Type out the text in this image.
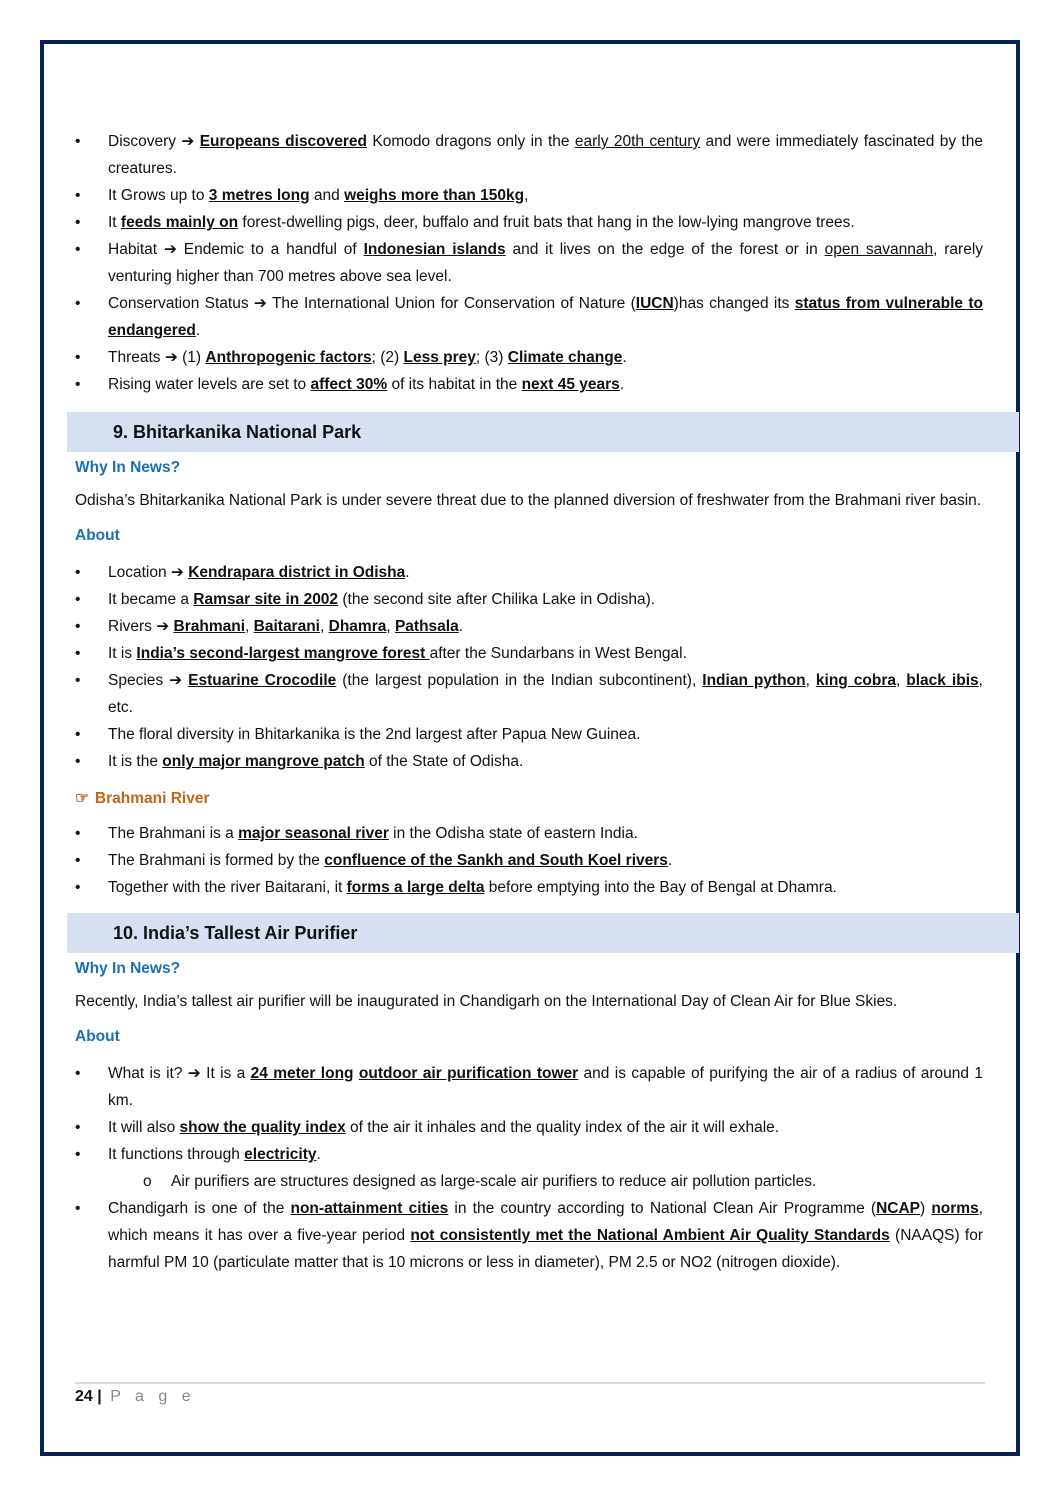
• Discovery ➔ Europeans discovered Komodo dragons only in the early 20th century and were immediately fascinated by the creatures.
• It Grows up to 3 metres long and weighs more than 150kg,
• It feeds mainly on forest-dwelling pigs, deer, buffalo and fruit bats that hang in the low-lying mangrove trees.
• Habitat ➔ Endemic to a handful of Indonesian islands and it lives on the edge of the forest or in open savannah, rarely venturing higher than 700 metres above sea level.
• Conservation Status ➔ The International Union for Conservation of Nature (IUCN)has changed its status from vulnerable to endangered.
• Threats ➔ (1) Anthropogenic factors; (2) Less prey; (3) Climate change.
• Rising water levels are set to affect 30% of its habitat in the next 45 years.
9. Bhitarkanika National Park
Why In News?

Odisha’s Bhitarkanika National Park is under severe threat due to the planned diversion of freshwater from the Brahmani river basin.

About
• Location ➔ Kendrapara district in Odisha.
• It became a Ramsar site in 2002 (the second site after Chilika Lake in Odisha).
• Rivers ➔ Brahmani, Baitarani, Dhamra, Pathsala.
• It is India’s second-largest mangrove forest after the Sundarbans in West Bengal.
• Species ➔ Estuarine Crocodile (the largest population in the Indian subcontinent), Indian python, king cobra, black ibis, etc.
• The floral diversity in Bhitarkanika is the 2nd largest after Papua New Guinea.
• It is the only major mangrove patch of the State of Odisha.
☞ Brahmani River
• The Brahmani is a major seasonal river in the Odisha state of eastern India.
• The Brahmani is formed by the confluence of the Sankh and South Koel rivers.
• Together with the river Baitarani, it forms a large delta before emptying into the Bay of Bengal at Dhamra.
10. India’s Tallest Air Purifier
Why In News?

Recently, India’s tallest air purifier will be inaugurated in Chandigarh on the International Day of Clean Air for Blue Skies.

About
• What is it? ➔ It is a 24 meter long outdoor air purification tower and is capable of purifying the air of a radius of around 1 km.
• It will also show the quality index of the air it inhales and the quality index of the air it will exhale.
• It functions through electricity.
o Air purifiers are structures designed as large-scale air purifiers to reduce air pollution particles.
• Chandigarh is one of the non-attainment cities in the country according to National Clean Air Programme (NCAP) norms, which means it has over a five-year period not consistently met the National Ambient Air Quality Standards (NAAQS) for harmful PM 10 (particulate matter that is 10 microns or less in diameter), PM 2.5 or NO2 (nitrogen dioxide).
24 | P a g e
